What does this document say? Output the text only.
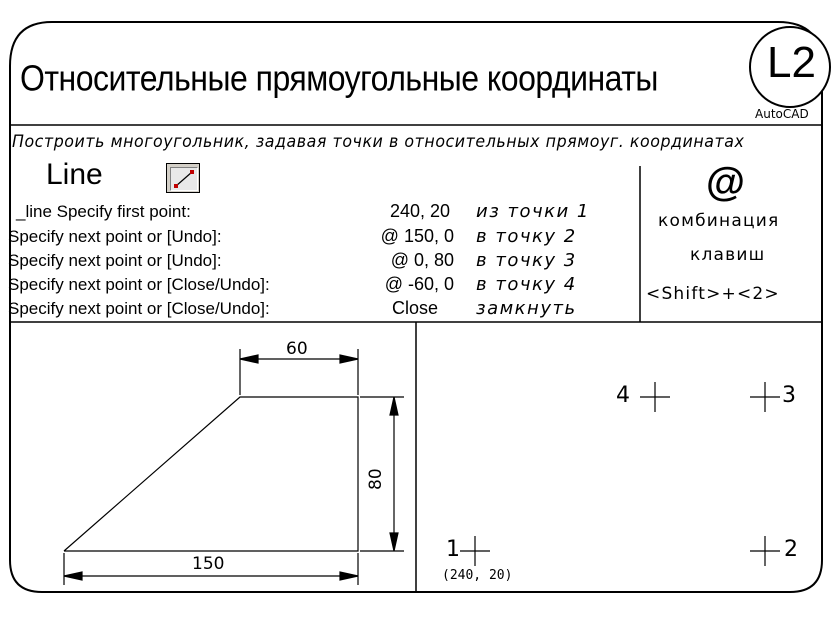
Относительные прямоугольные координаты L2
AutoCAD
Построить многоугольник, задавая точки в относительных прямоуг. координатах
Line
_line Specify first point:	240, 20 из точки 1
Specify next point or [Undo]:	@ 150, 0 в точку 2
Specify next point or [Undo]:	@ 0, 80 в точку 3
Specify next point or [Close/Undo]:	@ -60, 0 в точку 4
Specify next point or [Close/Undo]:	Close замкнуть
@
комбинация
клавиш
<Shift>+<2>
60
80
150
1
(240, 20)
2
3
4
